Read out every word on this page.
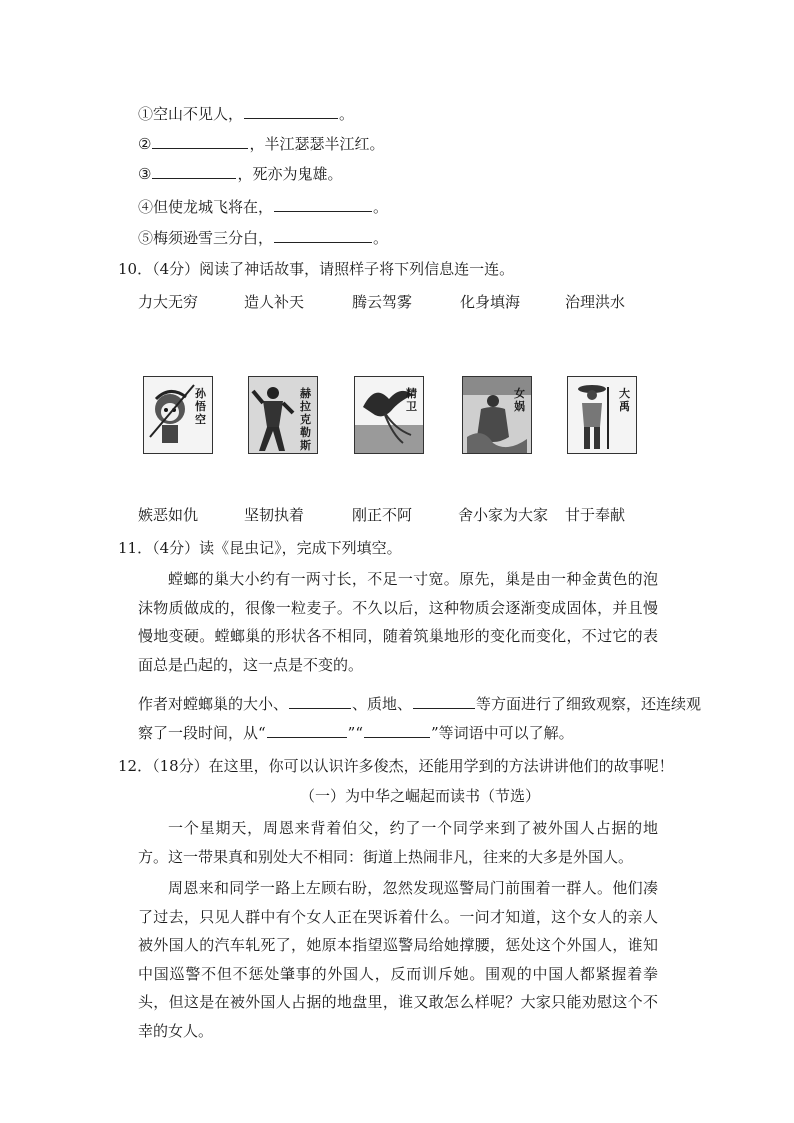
①空山不见人，	。
②	，半江瑟瑟半江红。
③	，死亦为鬼雄。
④但使龙城飞将在，	。
⑤梅须逊雪三分白，	。
10．（4分）阅读了神话故事，请照样子将下列信息连一连。
力大无穷	造人补天	腾云驾雾	化身填海	治理洪水
孙悟空
赫拉克勒斯
精卫
女娲
大禹
嫉恶如仇	坚韧执着	刚正不阿	舍小家为大家 甘于奉献
11．（4分）读《昆虫记》，完成下列填空。
螳螂的巢大小约有一两寸长，不足一寸宽。原先，巢是由一种金黄色的泡沫物质做成的，很像一粒麦子。不久以后，这种物质会逐渐变成固体，并且慢慢地变硬。螳螂巢的形状各不相同，随着筑巢地形的变化而变化，不过它的表面总是凸起的，这一点是不变的。
作者对螳螂巢的大小、	、质地、	等方面进行了细致观察，还连续观
察了一段时间，从“	”“	”等词语中可以了解。
12．（18分）在这里，你可以认识许多俊杰，还能用学到的方法讲讲他们的故事呢！
（一）为中华之崛起而读书（节选）
一个星期天，周恩来背着伯父，约了一个同学来到了被外国人占据的地方。这一带果真和别处大不相同：街道上热闹非凡，往来的大多是外国人。
周恩来和同学一路上左顾右盼，忽然发现巡警局门前围着一群人。他们凑了过去，只见人群中有个女人正在哭诉着什么。一问才知道，这个女人的亲人被外国人的汽车轧死了，她原本指望巡警局给她撑腰，惩处这个外国人，谁知中国巡警不但不惩处肇事的外国人，反而训斥她。围观的中国人都紧握着拳头，但这是在被外国人占据的地盘里，谁又敢怎么样呢？大家只能劝慰这个不幸的女人。
